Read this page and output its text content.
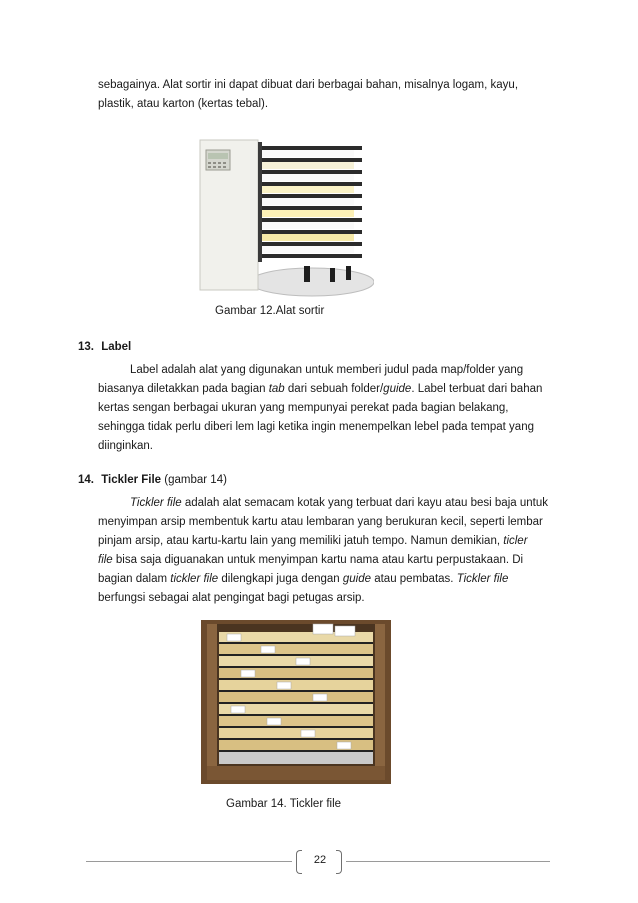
sebagainya. Alat sortir ini dapat dibuat dari berbagai bahan, misalnya logam, kayu,
plastik, atau karton (kertas tebal).

Gambar 12.Alat sortir
13. Label

Label adalah alat yang digunakan untuk memberi judul pada map/folder yang
biasanya diletakkan pada bagian tab dari sebuah folder/guide. Label terbuat dari bahan
kertas sengan berbagai ukuran yang mempunyai perekat pada bagian belakang,
sehingga tidak perlu diberi lem lagi ketika ingin menempelkan lebel pada tempat yang
diinginkan.

14. Tickler File (gambar 14)

Tickler file adalah alat semacam kotak yang terbuat dari kayu atau besi baja untuk
menyimpan arsip membentuk kartu atau lembaran yang berukuran kecil, seperti lembar
pinjam arsip, atau kartu-kartu lain yang memiliki jatuh tempo. Namun demikian, ticler
file bisa saja diguanakan untuk menyimpan kartu nama atau kartu perpustakaan. Di
bagian dalam tickler file dilengkapi juga dengan guide atau pembatas. Tickler file
berfungsi sebagai alat pengingat bagi petugas arsip.

Gambar 14. Tickler file
22
